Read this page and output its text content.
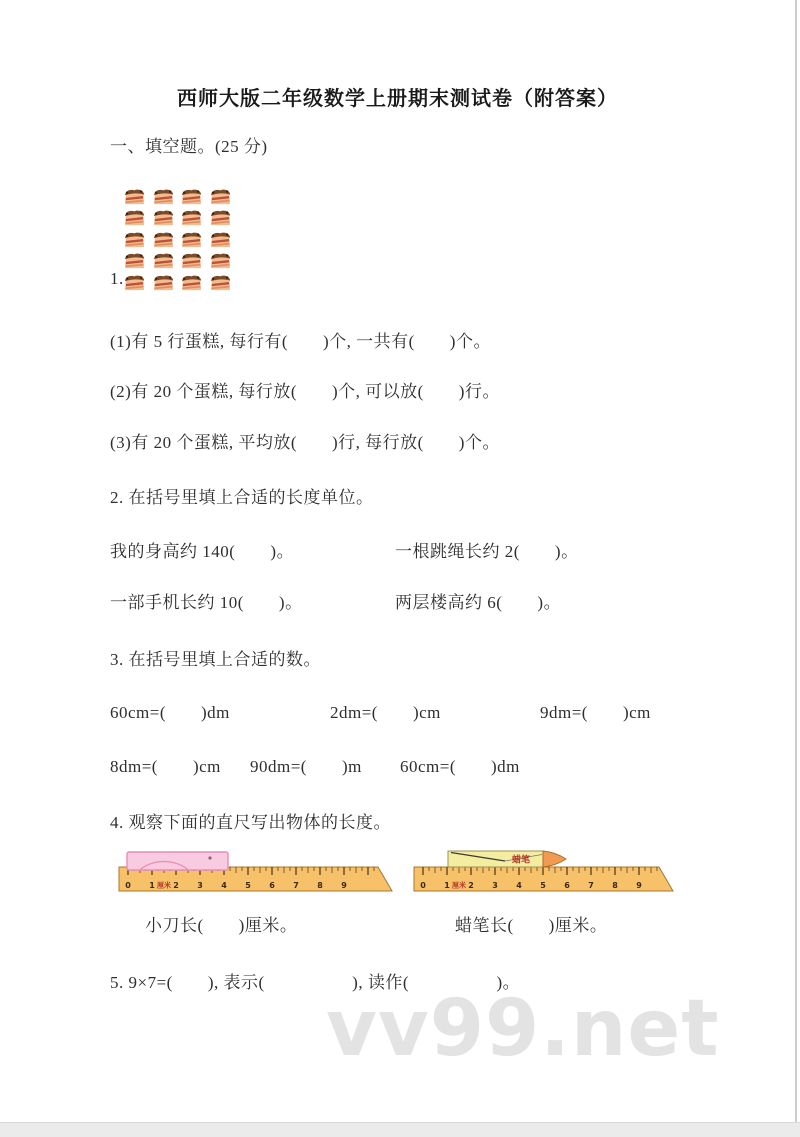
西师大版二年级数学上册期末测试卷（附答案）
一、填空题。(25 分)
1.
(1)有 5 行蛋糕, 每行有(　　)个, 一共有(　　)个。
(2)有 20 个蛋糕, 每行放(　　)个, 可以放(　　)行。
(3)有 20 个蛋糕, 平均放(　　)行, 每行放(　　)个。
2. 在括号里填上合适的长度单位。
我的身高约 140(　　)。	一根跳绳长约 2(　　)。
一部手机长约 10(　　)。	两层楼高约 6(　　)。
3. 在括号里填上合适的数。
60cm=(　　)dm	2dm=(　　)cm	9dm=(　　)cm
8dm=(　　)cm 90dm=(　　)m 60cm=(　　)dm
4. 观察下面的直尺写出物体的长度。
0 1 2 3 4 5 6 7 8 9
厘米	0 1 2 3 4 5 6 7 8 9
厘米
蜡笔
小刀长(　　)厘米。	蜡笔长(　　)厘米。
5. 9×7=(　　), 表示(　　　　　), 读作(　　　　　)。
vv99.net
